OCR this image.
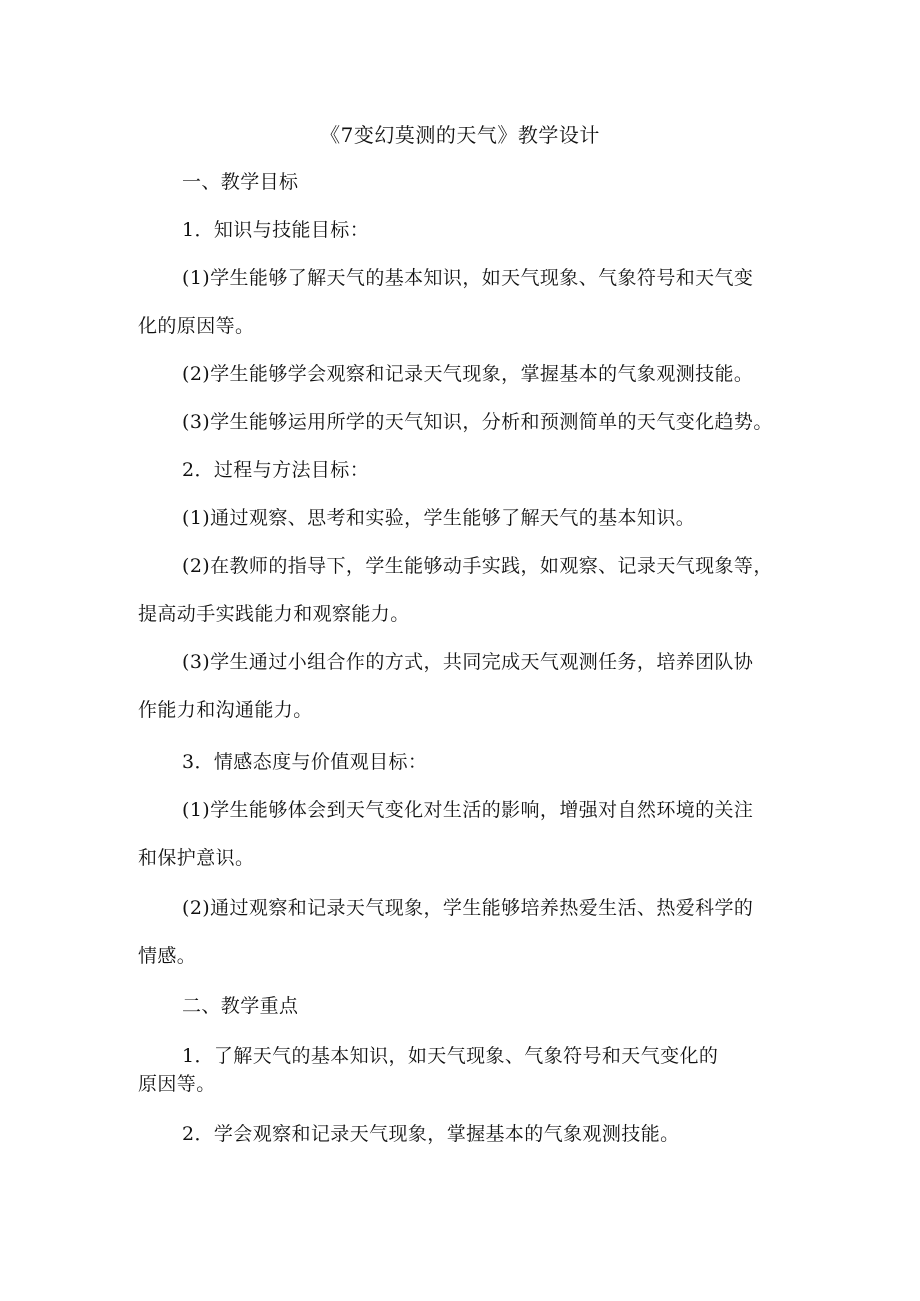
《7变幻莫测的天气》教学设计

一、教学目标

1．知识与技能目标：

(1)学生能够了解天气的基本知识，如天气现象、气象符号和天气变
化的原因等。

(2)学生能够学会观察和记录天气现象，掌握基本的气象观测技能。

(3)学生能够运用所学的天气知识，分析和预测简单的天气变化趋势。

2．过程与方法目标：

(1)通过观察、思考和实验，学生能够了解天气的基本知识。

(2)在教师的指导下，学生能够动手实践，如观察、记录天气现象等，
提高动手实践能力和观察能力。

(3)学生通过小组合作的方式，共同完成天气观测任务，培养团队协
作能力和沟通能力。

3．情感态度与价值观目标：

(1)学生能够体会到天气变化对生活的影响，增强对自然环境的关注
和保护意识。

(2)通过观察和记录天气现象，学生能够培养热爱生活、热爱科学的
情感。

二、教学重点

1．了解天气的基本知识，如天气现象、气象符号和天气变化的
原因等。

2．学会观察和记录天气现象，掌握基本的气象观测技能。
